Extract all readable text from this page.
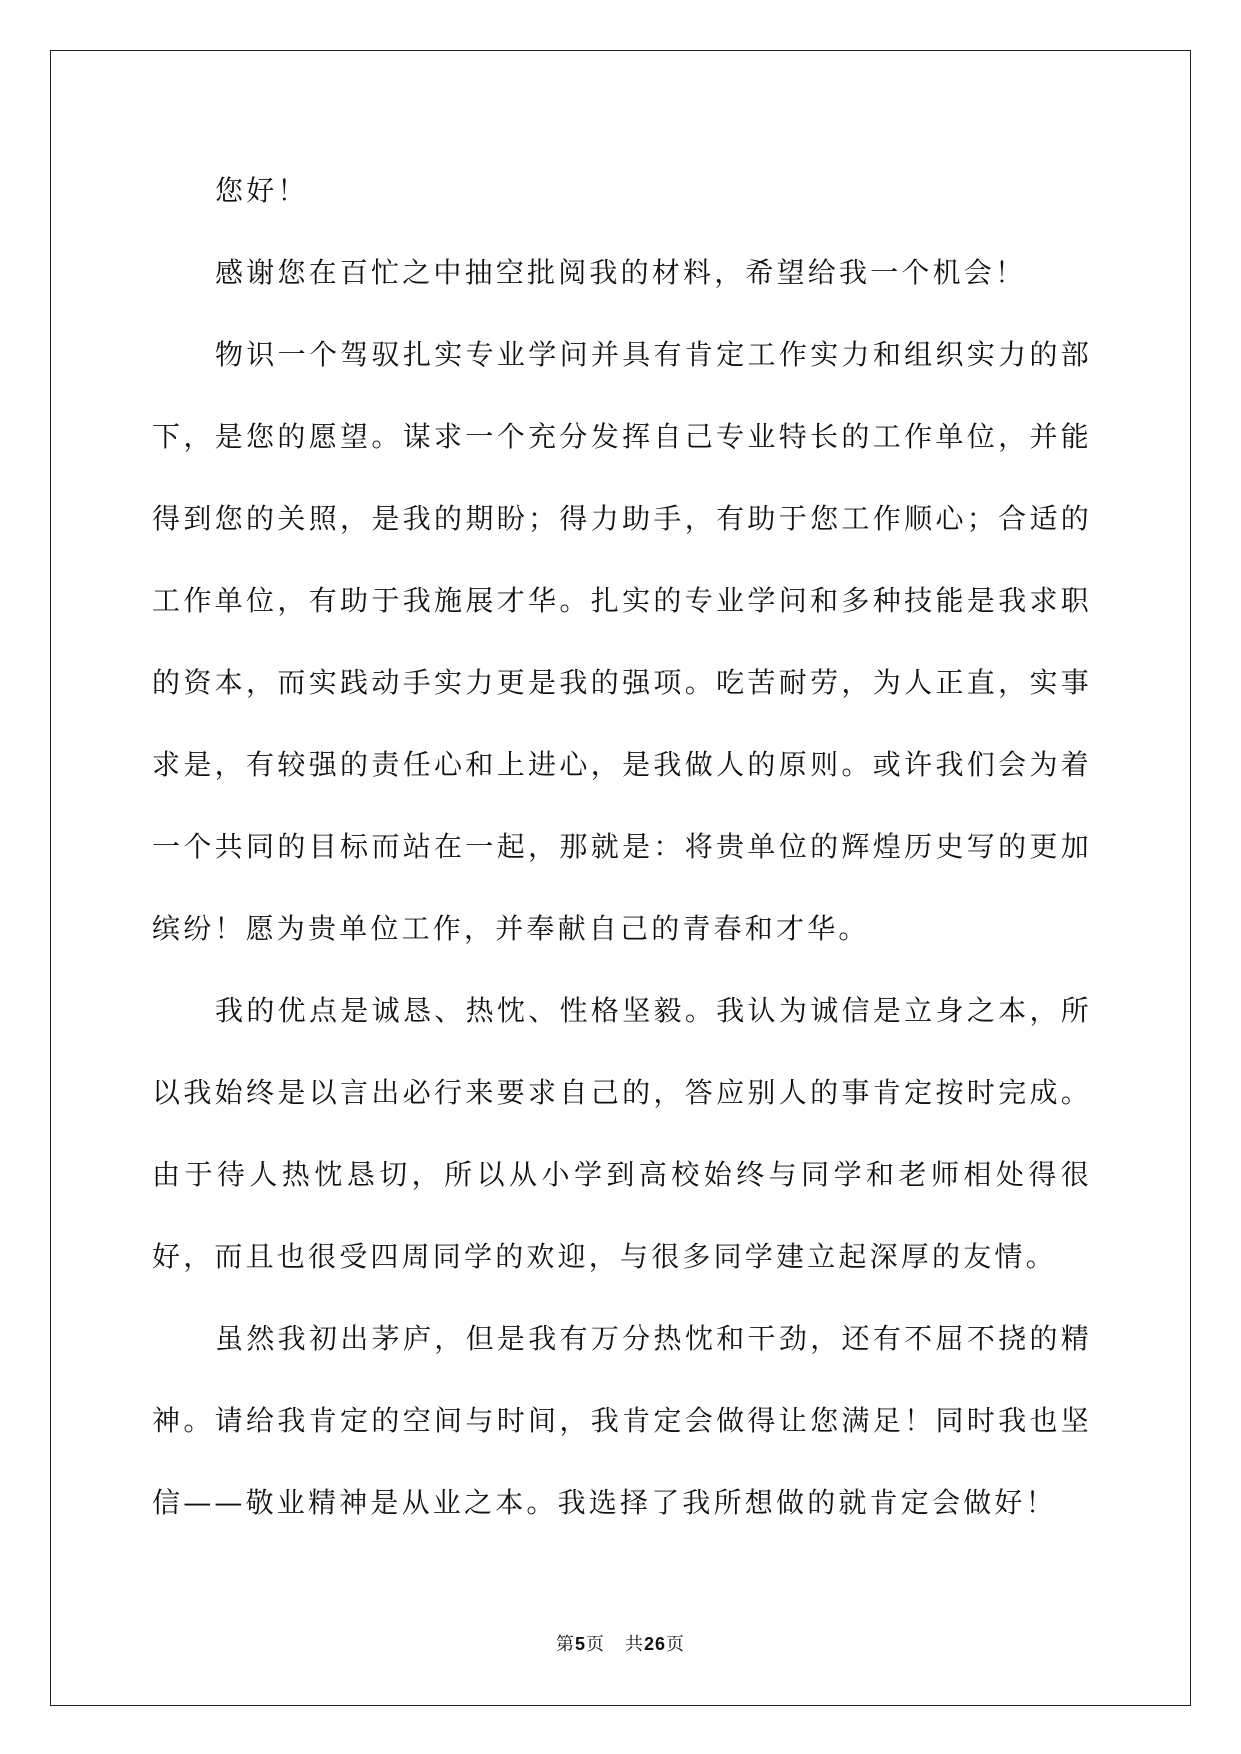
您好！

感谢您在百忙之中抽空批阅我的材料，希望给我一个机会！

物识一个驾驭扎实专业学问并具有肯定工作实力和组织实力的部下，是您的愿望。谋求一个充分发挥自己专业特长的工作单位，并能得到您的关照，是我的期盼；得力助手，有助于您工作顺心；合适的工作单位，有助于我施展才华。扎实的专业学问和多种技能是我求职的资本，而实践动手实力更是我的强项。吃苦耐劳，为人正直，实事求是，有较强的责任心和上进心，是我做人的原则。或许我们会为着一个共同的目标而站在一起，那就是：将贵单位的辉煌历史写的更加缤纷！愿为贵单位工作，并奉献自己的青春和才华。

我的优点是诚恳、热忱、性格坚毅。我认为诚信是立身之本，所以我始终是以言出必行来要求自己的，答应别人的事肯定按时完成。由于待人热忱恳切，所以从小学到高校始终与同学和老师相处得很好，而且也很受四周同学的欢迎，与很多同学建立起深厚的友情。

虽然我初出茅庐，但是我有万分热忱和干劲，还有不屈不挠的精神。请给我肯定的空间与时间，我肯定会做得让您满足！同时我也坚信——敬业精神是从业之本。我选择了我所想做的就肯定会做好！

第5页 共26页
